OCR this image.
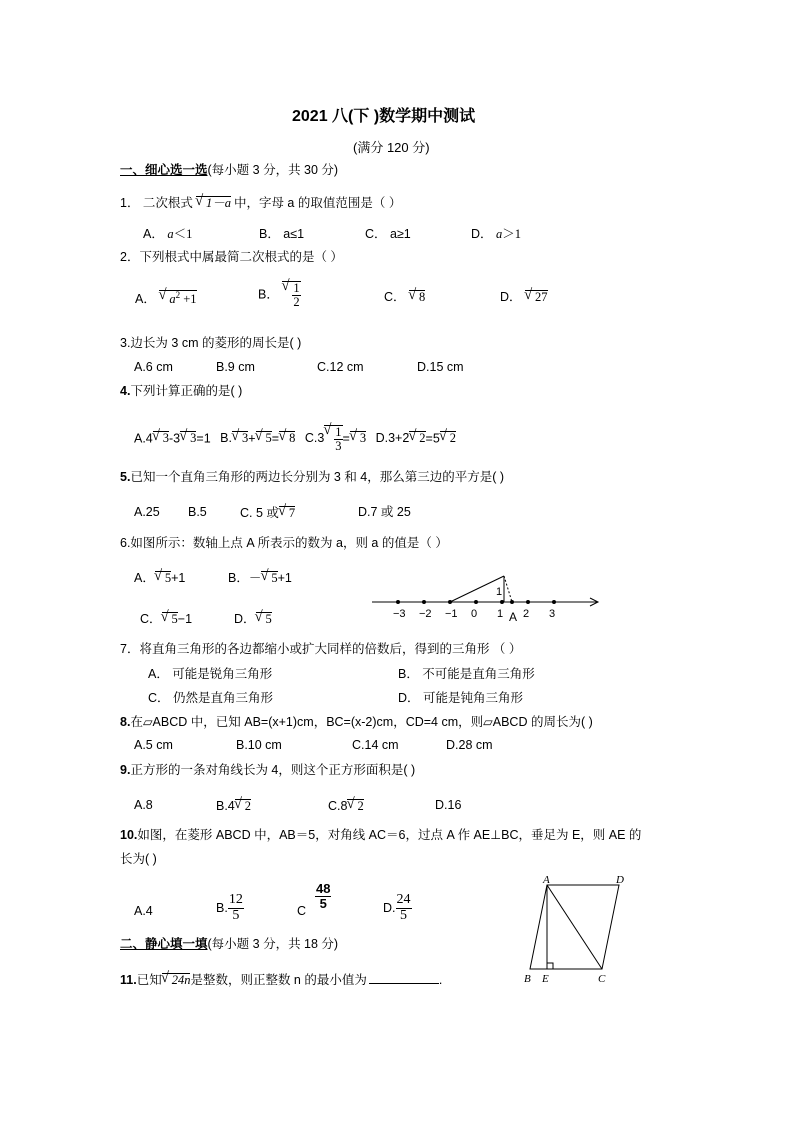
2021 八(下 )数学期中测试
(满分 120 分)
一、细心选一选(每小题 3 分，共 30 分)
1． 二次根式 √ 1－a 中，字母 a 的取值范围是（ ）
A． a＜1	B． a≤1	C． a≥1	D． a＞1
2．下列根式中属最简二次根式的是（ ）
A． √ $a^2 +1$	B． √ $\frac{1}{2}$	C． √ 8	D． √ 27
3.边长为 3 cm 的菱形的周长是( )
A.6 cm	B.9 cm	C.12 cm	D.15 cm
4.下列计算正确的是( )
A.4 √ 3-3 √ 3=1 B. √ 3+ √ 5= √ 8 C.3 √ $\frac{1}{3}$ = √ 3 D.3+2 √ 2=5 √ 2
5.已知一个直角三角形的两边长分别为 3 和 4，那么第三边的平方是( )
A.25 B.5	C. 5 或 √ 7	D.7 或 25
6.如图所示：数轴上点 A 所表示的数为 a，则 a 的值是（ ）
A． √ 5+1	B．－ √ 5+1
C． √ 5−1	D． √ 5	−3 −2 −1 0 1 2 3
1
A
7．将直角三角形的各边都缩小或扩大同样的倍数后，得到的三角形 （ ）
A． 可能是锐角三角形	B． 不可能是直角三角形
C． 仍然是直角三角形	D． 可能是钝角三角形
8.在▱ABCD 中，已知 AB=(x+1)cm，BC=(x-2)cm，CD=4 cm，则▱ABCD 的周长为( )
A.5 cm	B.10 cm	C.14 cm	D.28 cm
9.正方形的一条对角线长为 4，则这个正方形面积是( )
A.8	B.4 √ 2	C.8 √ 2	D.16
10.如图，在菱形 ABCD 中，AB＝5，对角线 AC＝6，过点 A 作 AE⊥BC，垂足为 E，则 AE 的
长为( )
A.4	B. $\frac{12}{5}$	C
$\frac{48}{5}$	D. $\frac{24}{5}$
A	D
B E	C
二、静心填一填(每小题 3 分，共 18 分)
11.已知 √ 24n是整数，则正整数 n 的最小值为	.
